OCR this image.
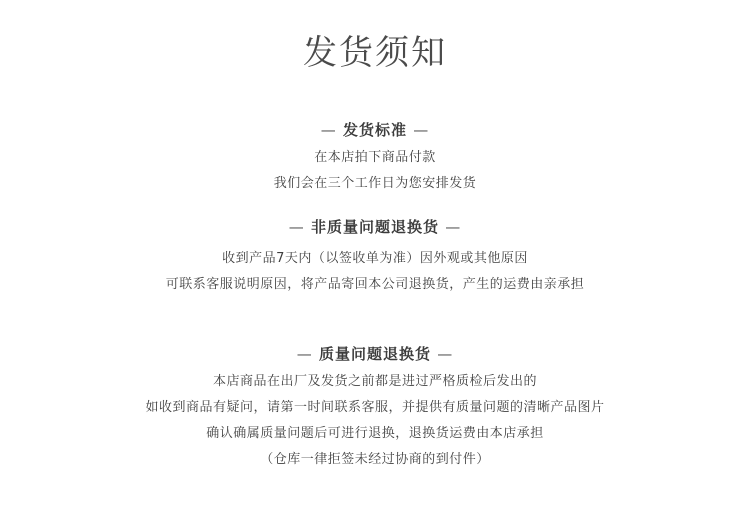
发货须知
— 发货标准 —
在本店拍下商品付款
我们会在三个工作日为您安排发货
— 非质量问题退换货 —
收到产品7天内（以签收单为准）因外观或其他原因
可联系客服说明原因，将产品寄回本公司退换货，产生的运费由亲承担
— 质量问题退换货 —
本店商品在出厂及发货之前都是进过严格质检后发出的
如收到商品有疑问，请第一时间联系客服，并提供有质量问题的清晰产品图片
确认确属质量问题后可进行退换，退换货运费由本店承担
（仓库一律拒签未经过协商的到付件）
